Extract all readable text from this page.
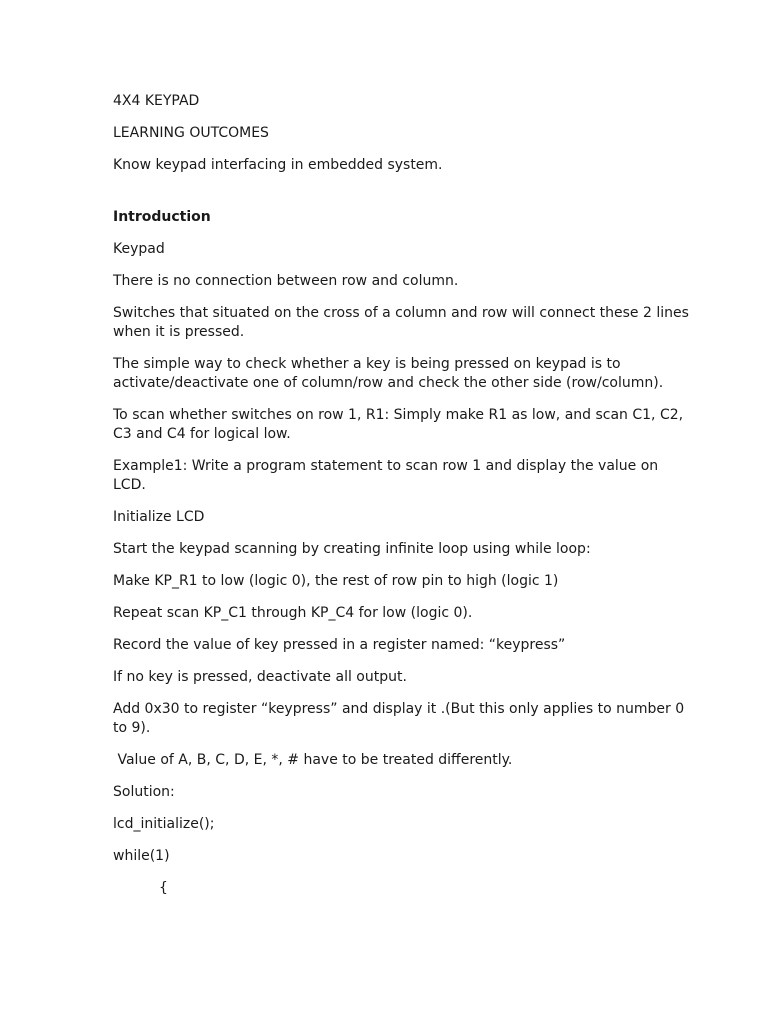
4X4 KEYPAD

LEARNING OUTCOMES

Know keypad interfacing in embedded system.

Introduction

Keypad

There is no connection between row and column.

Switches that situated on the cross of a column and row will connect these 2 lines when it is pressed.

The simple way to check whether a key is being pressed on keypad is to activate/deactivate one of column/row and check the other side (row/column).

To scan whether switches on row 1, R1: Simply make R1 as low, and scan C1, C2, C3 and C4 for logical low.

Example1: Write a program statement to scan row 1 and display the value on LCD.

Initialize LCD

Start the keypad scanning by creating infinite loop using while loop:

Make KP_R1 to low (logic 0), the rest of row pin to high (logic 1)

Repeat scan KP_C1 through KP_C4 for low (logic 0).

Record the value of key pressed in a register named: “keypress”

If no key is pressed, deactivate all output.

Add 0x30 to register “keypress” and display it .(But this only applies to number 0 to 9).

Value of A, B, C, D, E, *, # have to be treated differently.

Solution:

lcd_initialize();

while(1)

{
